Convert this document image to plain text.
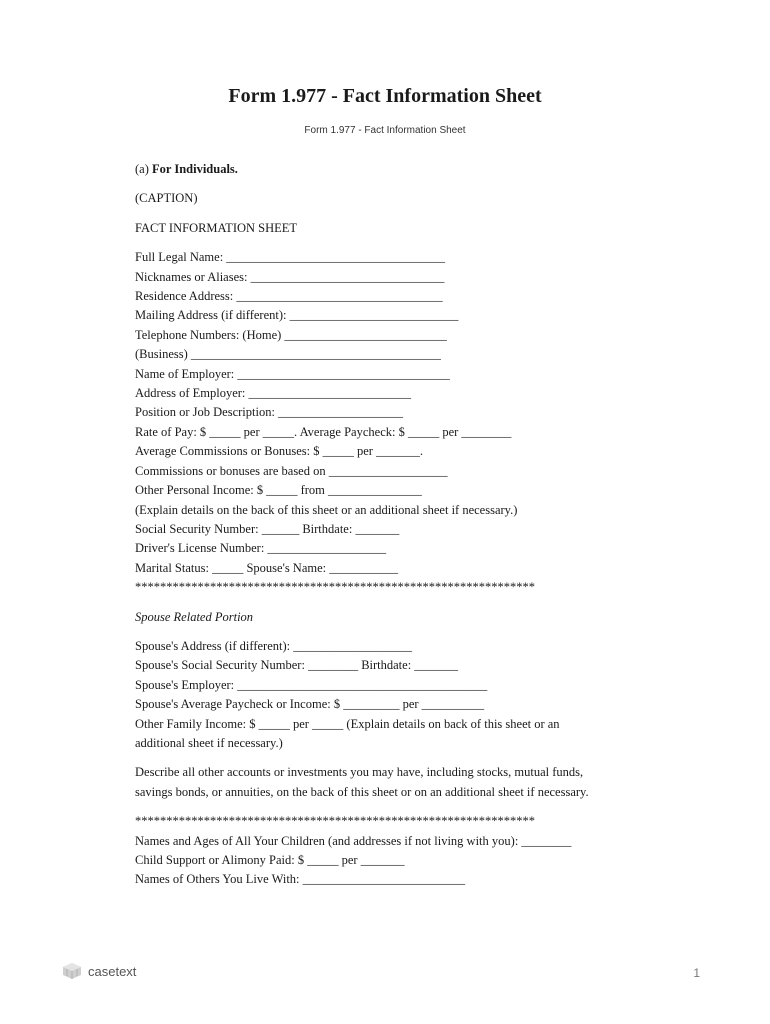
Form 1.977 - Fact Information Sheet
Form 1.977 - Fact Information Sheet
(a) For Individuals.
(CAPTION)
FACT INFORMATION SHEET
Full Legal Name: ___________________________________
Nicknames or Aliases: _______________________________
Residence Address: _________________________________
Mailing Address (if different): ___________________________
Telephone Numbers: (Home) __________________________
(Business) ________________________________________
Name of Employer: __________________________________
Address of Employer: __________________________
Position or Job Description: ____________________
Rate of Pay: $ _____ per _____. Average Paycheck: $ _____ per ________
Average Commissions or Bonuses: $ _____ per _______.
Commissions or bonuses are based on ___________________
Other Personal Income: $ _____ from _______________
(Explain details on the back of this sheet or an additional sheet if necessary.)
Social Security Number: ______ Birthdate: _______
Driver's License Number: ___________________
Marital Status: _____ Spouse's Name: ___________
****************************************************************
Spouse Related Portion
Spouse's Address (if different): ___________________
Spouse's Social Security Number: ________ Birthdate: _______
Spouse's Employer: ________________________________________
Spouse's Average Paycheck or Income: $ _________ per __________
Other Family Income: $ _____ per _____ (Explain details on back of this sheet or an additional sheet if necessary.)
Describe all other accounts or investments you may have, including stocks, mutual funds, savings bonds, or annuities, on the back of this sheet or on an additional sheet if necessary.
****************************************************************
Names and Ages of All Your Children (and addresses if not living with you): ________
Child Support or Alimony Paid: $ _____ per _______
Names of Others You Live With: __________________________
casetext	1
